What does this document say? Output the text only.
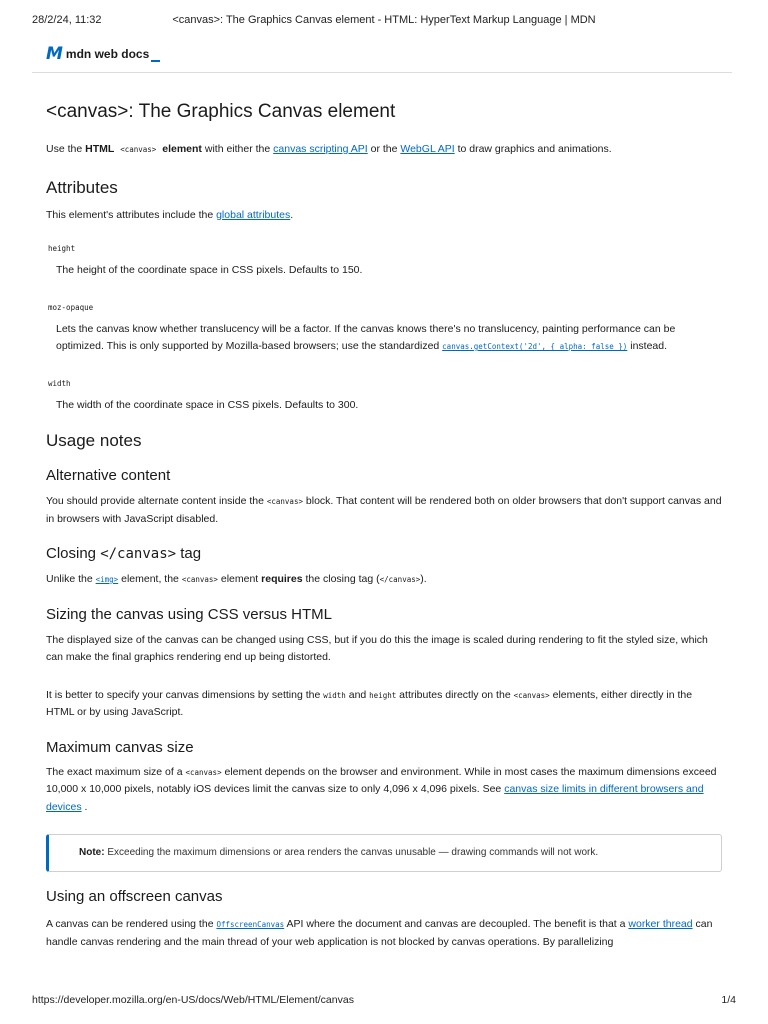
28/2/24, 11:32	<canvas>: The Graphics Canvas element - HTML: HyperText Markup Language | MDN
M mdn web docs
<canvas>: The Graphics Canvas element

Use the HTML <canvas> element with either the canvas scripting API or the WebGL API to draw graphics and animations.

Attributes

This element's attributes include the global attributes.

height
The height of the coordinate space in CSS pixels. Defaults to 150.
moz-opaque
Lets the canvas know whether translucency will be a factor. If the canvas knows there's no translucency, painting performance can be optimized. This is only supported by Mozilla-based browsers; use the standardized canvas.getContext('2d', { alpha: false }) instead.
width
The width of the coordinate space in CSS pixels. Defaults to 300.
Usage notes
Alternative content

You should provide alternate content inside the <canvas> block. That content will be rendered both on older browsers that don't support canvas and in browsers with JavaScript disabled.

Closing </canvas> tag

Unlike the <img> element, the <canvas> element requires the closing tag (</canvas>).

Sizing the canvas using CSS versus HTML

The displayed size of the canvas can be changed using CSS, but if you do this the image is scaled during rendering to fit the styled size, which can make the final graphics rendering end up being distorted.

It is better to specify your canvas dimensions by setting the width and height attributes directly on the <canvas> elements, either directly in the HTML or by using JavaScript.

Maximum canvas size

The exact maximum size of a <canvas> element depends on the browser and environment. While in most cases the maximum dimensions exceed 10,000 x 10,000 pixels, notably iOS devices limit the canvas size to only 4,096 x 4,096 pixels. See canvas size limits in different browsers and devices .

Note: Exceeding the maximum dimensions or area renders the canvas unusable — drawing commands will not work.
Using an offscreen canvas

A canvas can be rendered using the OffscreenCanvas API where the document and canvas are decoupled. The benefit is that a worker thread can handle canvas rendering and the main thread of your web application is not blocked by canvas operations. By parallelizing

https://developer.mozilla.org/en-US/docs/Web/HTML/Element/canvas	1/4
